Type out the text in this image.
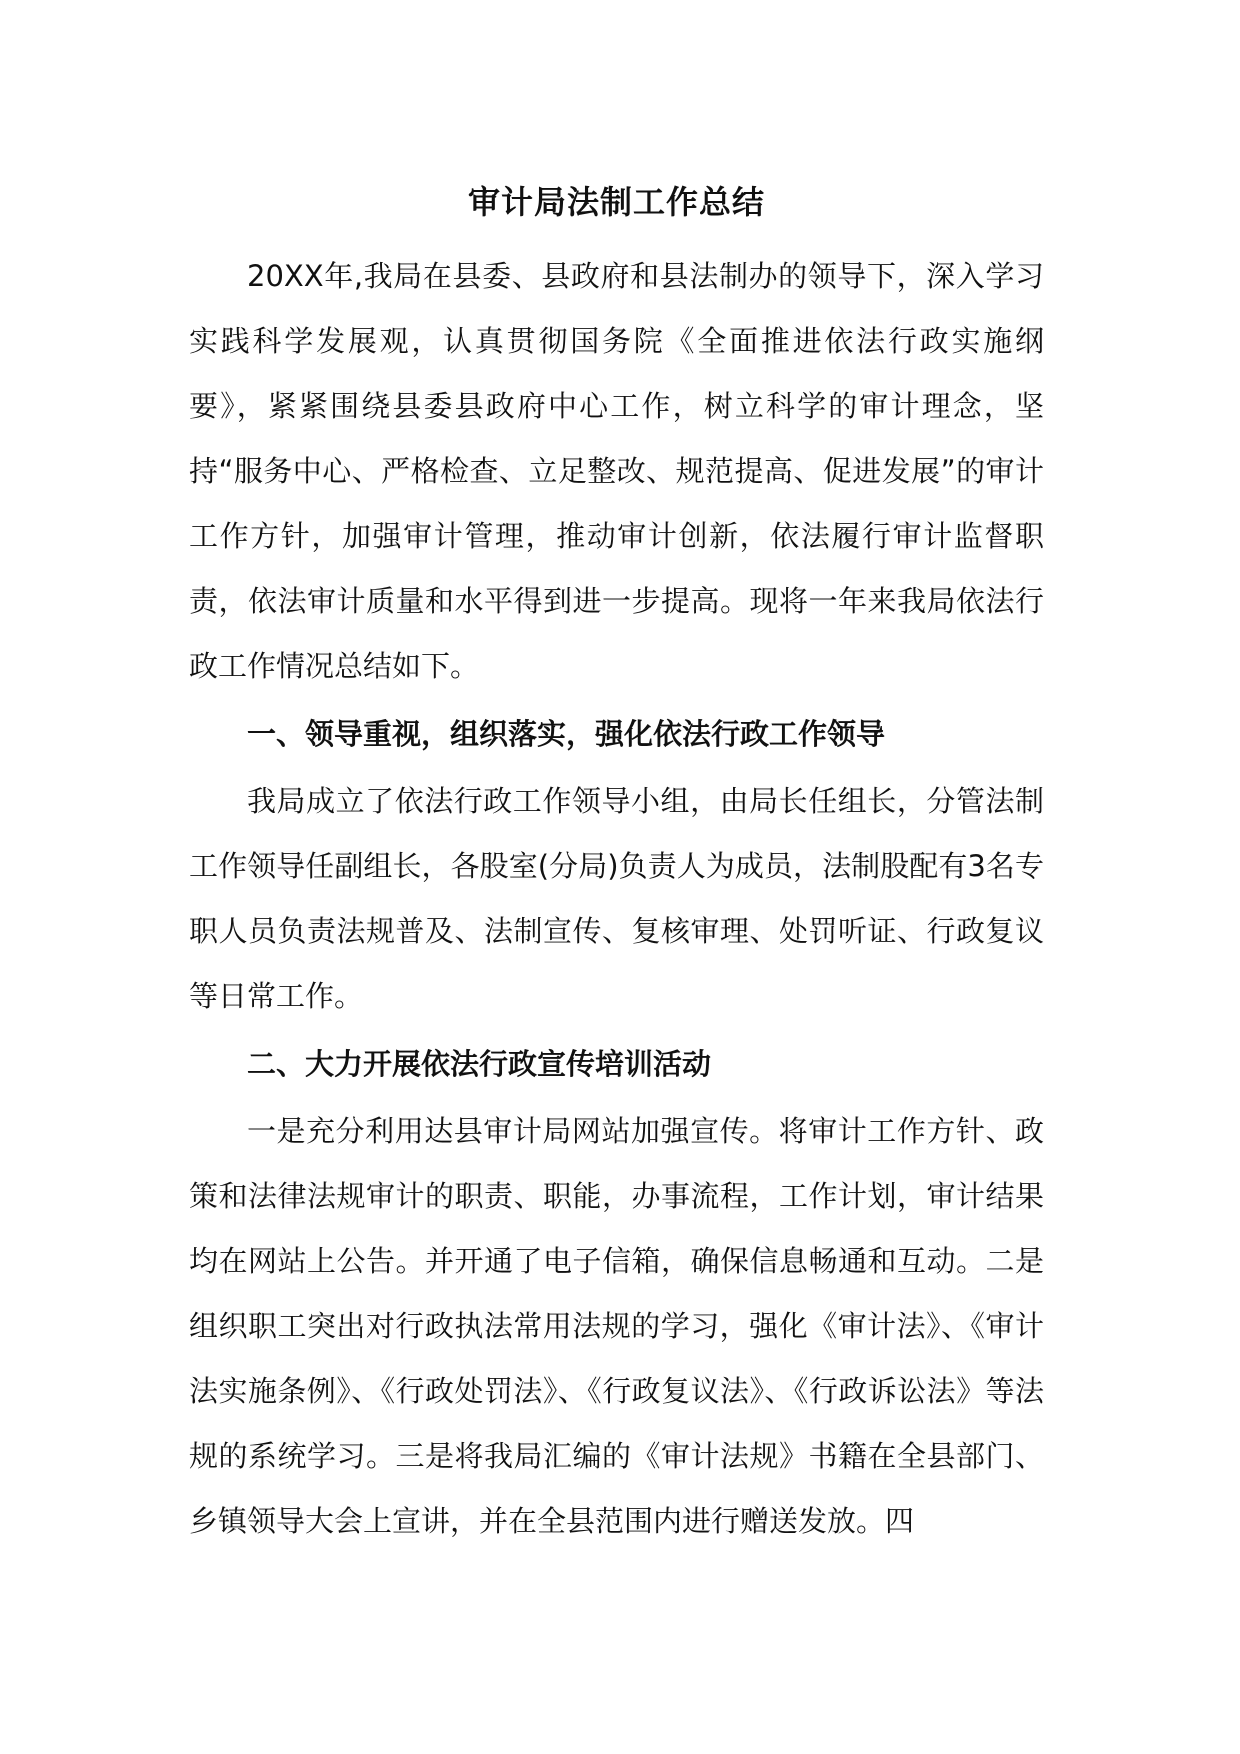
审计局法制工作总结

20XX年,我局在县委、县政府和县法制办的领导下，深入学习实践科学发展观，认真贯彻国务院《全面推进依法行政实施纲要》，紧紧围绕县委县政府中心工作，树立科学的审计理念，坚持“服务中心、严格检查、立足整改、规范提高、促进发展”的审计工作方针，加强审计管理，推动审计创新，依法履行审计监督职责，依法审计质量和水平得到进一步提高。现将一年来我局依法行政工作情况总结如下。

一、领导重视，组织落实，强化依法行政工作领导

我局成立了依法行政工作领导小组，由局长任组长，分管法制工作领导任副组长，各股室(分局)负责人为成员，法制股配有3名专职人员负责法规普及、法制宣传、复核审理、处罚听证、行政复议等日常工作。

二、大力开展依法行政宣传培训活动

一是充分利用达县审计局网站加强宣传。将审计工作方针、政策和法律法规审计的职责、职能，办事流程，工作计划，审计结果均在网站上公告。并开通了电子信箱，确保信息畅通和互动。二是组织职工突出对行政执法常用法规的学习，强化《审计法》、《审计法实施条例》、《行政处罚法》、《行政复议法》、《行政诉讼法》等法规的系统学习。三是将我局汇编的《审计法规》书籍在全县部门、乡镇领导大会上宣讲，并在全县范围内进行赠送发放。四
